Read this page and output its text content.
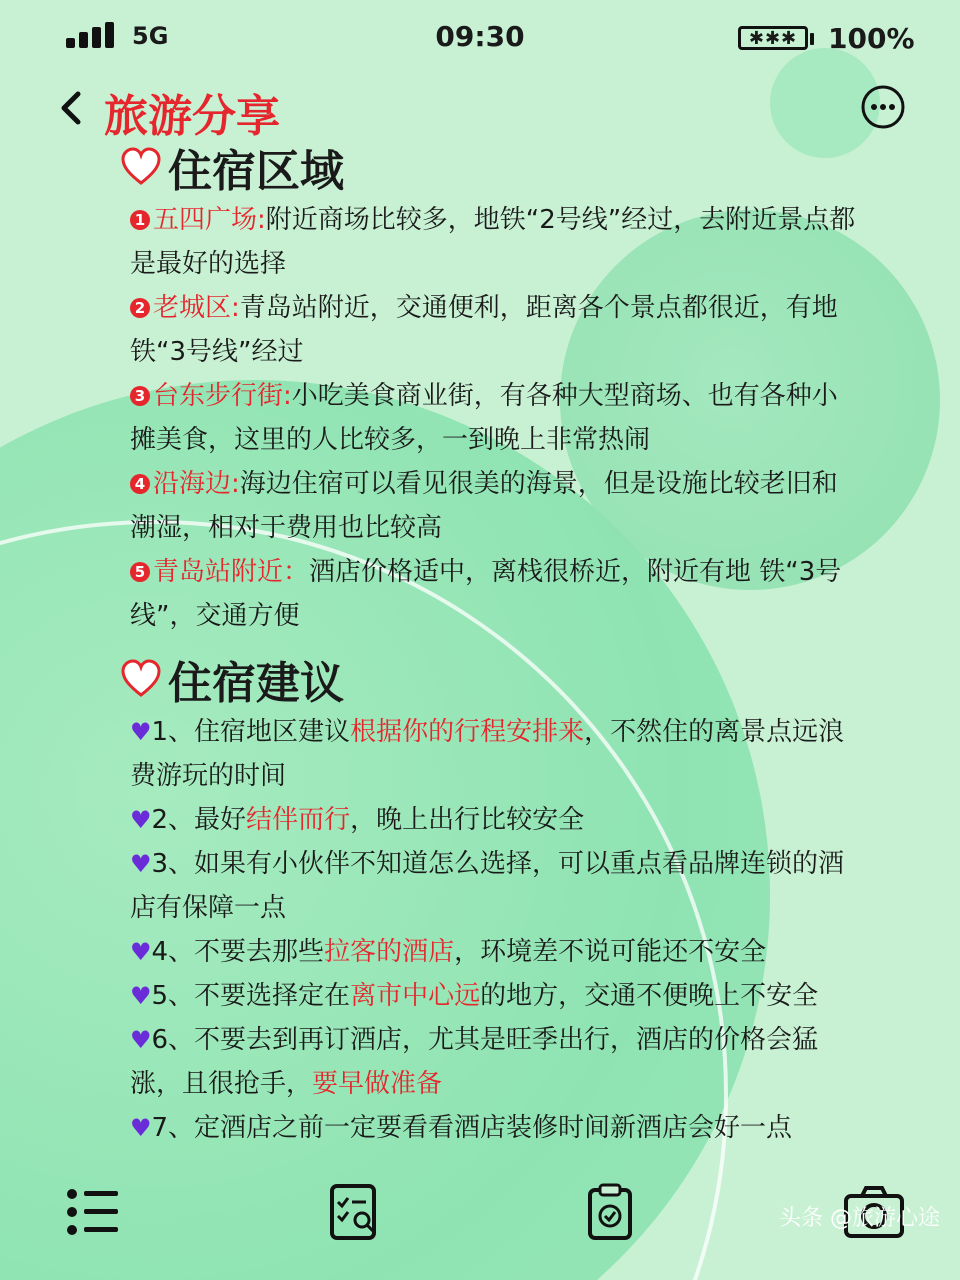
5G	09:30	✱✱✱	100%
旅游分享
住宿区域

1 五四广场:附近商场比较多，地铁“2号线”经过，去附近景点都是最好的选择

2 老城区:青岛站附近，交通便利，距离各个景点都很近，有地铁“3号线”经过

3 台东步行街:小吃美食商业街，有各种大型商场、也有各种小摊美食，这里的人比较多，一到晚上非常热闹

4 沿海边:海边住宿可以看见很美的海景，但是设施比较老旧和潮湿，相对于费用也比较高

5 青岛站附近：酒店价格适中，离栈很桥近，附近有地 铁“3号线”，交通方便

住宿建议

♥1、住宿地区建议根据你的行程安排来，不然住的离景点远浪费游玩的时间

♥2、最好结伴而行，晚上出行比较安全

♥3、如果有小伙伴不知道怎么选择，可以重点看品牌连锁的酒店有保障一点

♥4、不要去那些拉客的酒店，环境差不说可能还不安全

♥5、不要选择定在离市中心远的地方，交通不便晚上不安全

♥6、不要去到再订酒店，尤其是旺季出行，酒店的价格会猛涨，且很抢手，要早做准备

♥7、定酒店之前一定要看看酒店装修时间新酒店会好一点

头条 @旅游心途
